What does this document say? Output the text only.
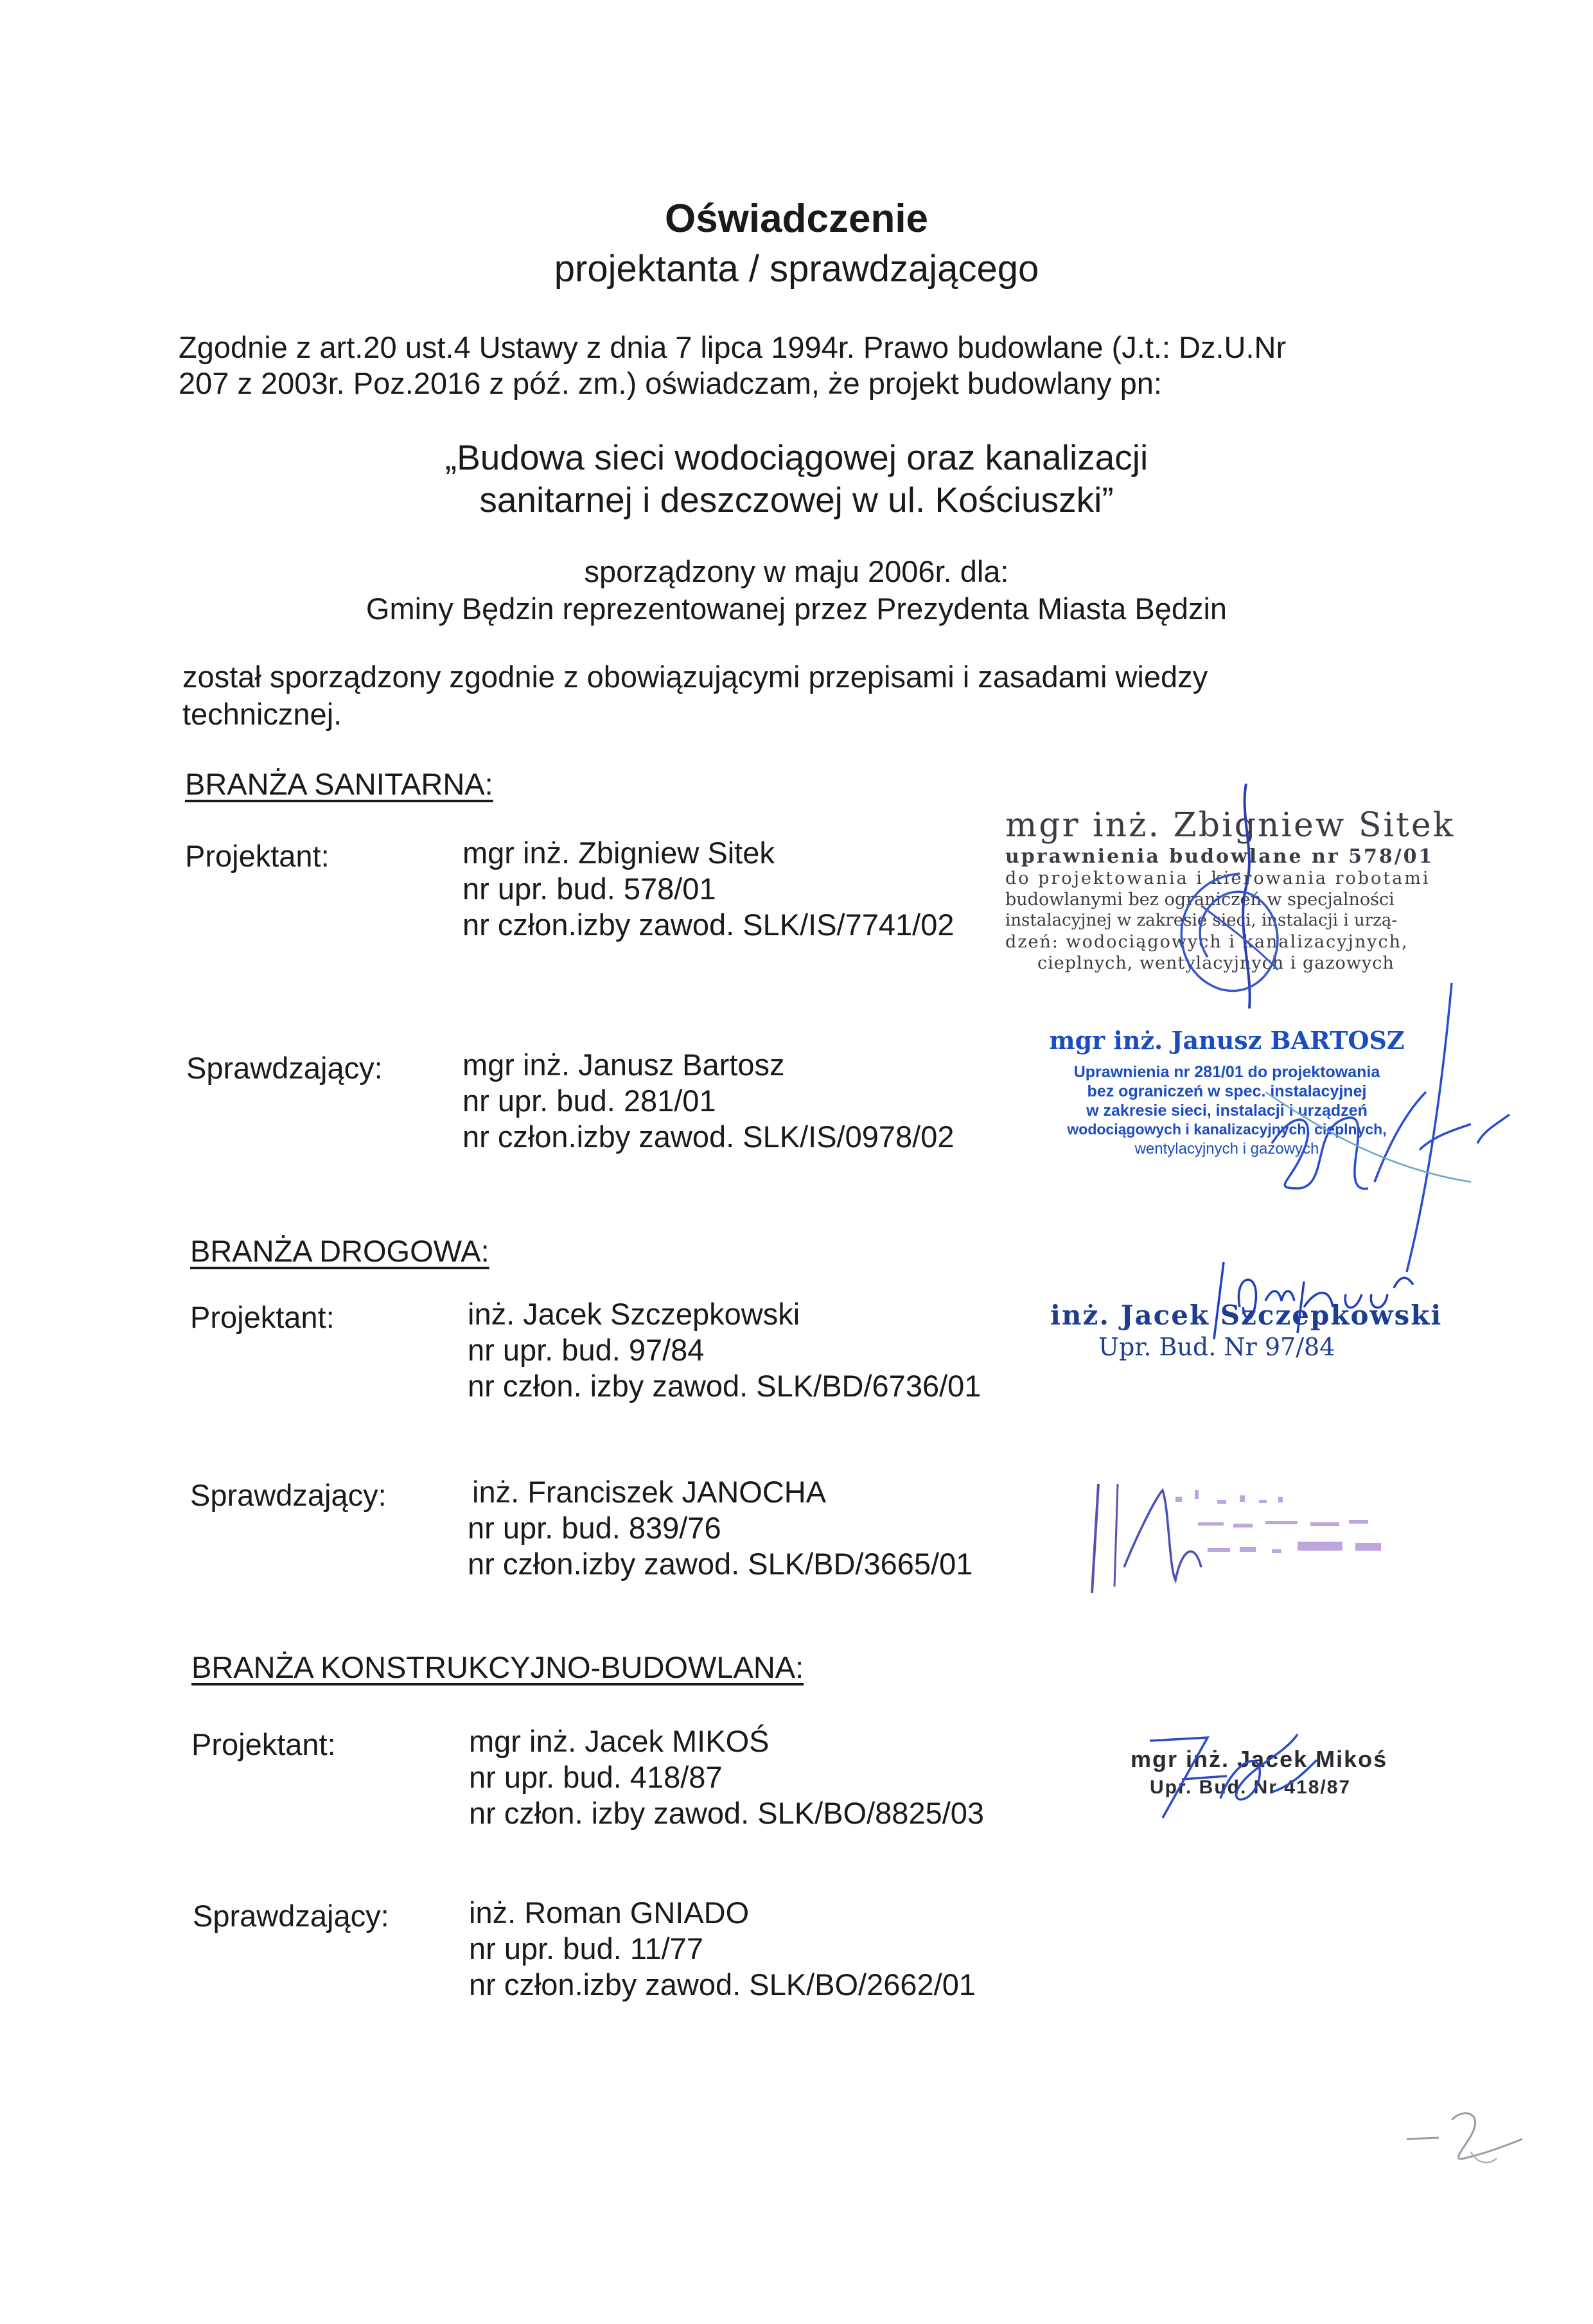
Oświadczenie
projektanta / sprawdzającego
Zgodnie z art.20 ust.4 Ustawy z dnia 7 lipca 1994r. Prawo budowlane (J.t.: Dz.U.Nr
207 z 2003r. Poz.2016 z póź. zm.) oświadczam, że projekt budowlany pn:
„Budowa sieci wodociągowej oraz kanalizacji
sanitarnej i deszczowej w ul. Kościuszki”
sporządzony w maju 2006r. dla:
Gminy Będzin reprezentowanej przez Prezydenta Miasta Będzin
został sporządzony zgodnie z obowiązującymi przepisami i zasadami wiedzy
technicznej.
BRANŻA SANITARNA:
Projektant:	mgr inż. Zbigniew Sitek
nr upr. bud. 578/01
nr człon.izby zawod. SLK/IS/7741/02
Sprawdzający:	mgr inż. Janusz Bartosz
nr upr. bud. 281/01
nr człon.izby zawod. SLK/IS/0978/02
mgr inż. Zbigniew Sitek
uprawnienia budowlane nr 578/01
do projektowania i kierowania robotami
budowlanymi bez ograniczeń w specjalności
instalacyjnej w zakresie sieci, instalacji i urzą-
dzeń: wodociągowych i kanalizacyjnych,
cieplnych, wentylacyjnych i gazowych
mgr inż. Janusz BARTOSZ
Uprawnienia nr 281/01 do projektowania
bez ograniczeń w spec. instalacyjnej
w zakresie sieci, instalacji i urządzeń
wodociągowych i kanalizacyjnych, cieplnych,
wentylacyjnych i gazowych
BRANŻA DROGOWA:
Projektant:	inż. Jacek Szczepkowski
nr upr. bud. 97/84
nr człon. izby zawod. SLK/BD/6736/01
Sprawdzający:	inż. Franciszek JANOCHA
nr upr. bud. 839/76
nr człon.izby zawod. SLK/BD/3665/01
inż. Jacek Szczepkowski
Upr. Bud. Nr 97/84
BRANŻA KONSTRUKCYJNO-BUDOWLANA:
Projektant:	mgr inż. Jacek MIKOŚ
nr upr. bud. 418/87
nr człon. izby zawod. SLK/BO/8825/03
Sprawdzający:	inż. Roman GNIADO
nr upr. bud. 11/77
nr człon.izby zawod. SLK/BO/2662/01
mgr inż. Jacek Mikoś
Upr. Bud. Nr 418/87
